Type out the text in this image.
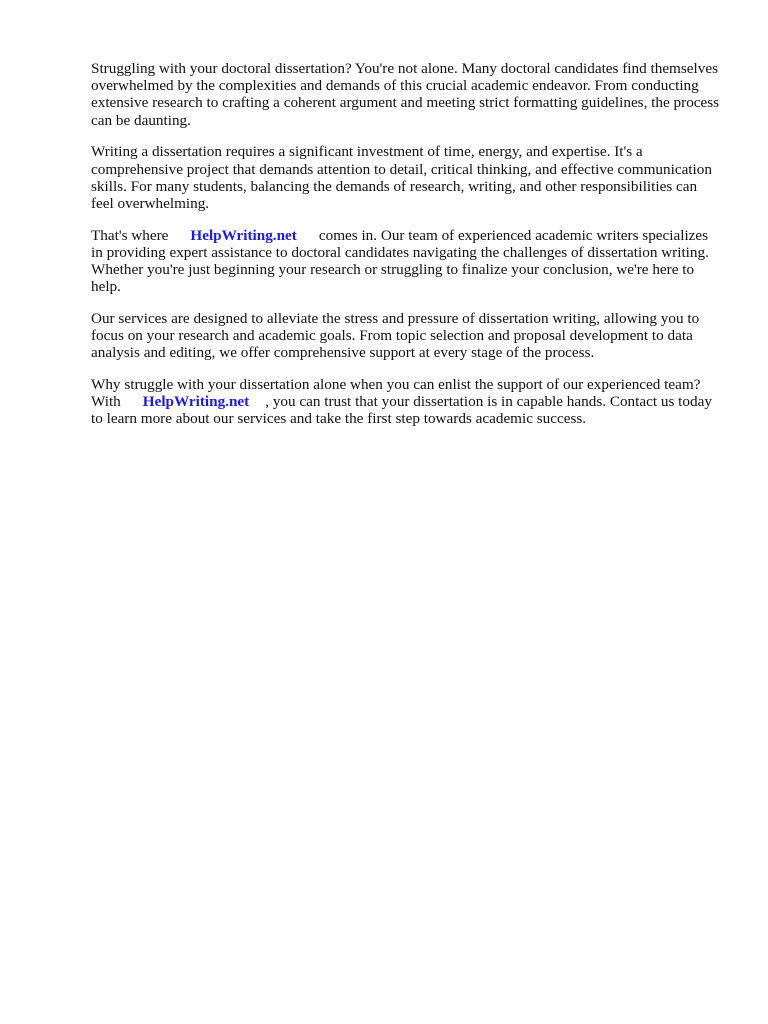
Struggling with your doctoral dissertation? You're not alone. Many doctoral candidates find themselves overwhelmed by the complexities and demands of this crucial academic endeavor. From conducting extensive research to crafting a coherent argument and meeting strict formatting guidelines, the process can be daunting.

Writing a dissertation requires a significant investment of time, energy, and expertise. It's a comprehensive project that demands attention to detail, critical thinking, and effective communication skills. For many students, balancing the demands of research, writing, and other responsibilities can feel overwhelming.

That's where HelpWriting.net comes in. Our team of experienced academic writers specializes in providing expert assistance to doctoral candidates navigating the challenges of dissertation writing. Whether you're just beginning your research or struggling to finalize your conclusion, we're here to help.

Our services are designed to alleviate the stress and pressure of dissertation writing, allowing you to focus on your research and academic goals. From topic selection and proposal development to data analysis and editing, we offer comprehensive support at every stage of the process.

Why struggle with your dissertation alone when you can enlist the support of our experienced team?
With HelpWriting.net , you can trust that your dissertation is in capable hands. Contact us today to learn more about our services and take the first step towards academic success.
